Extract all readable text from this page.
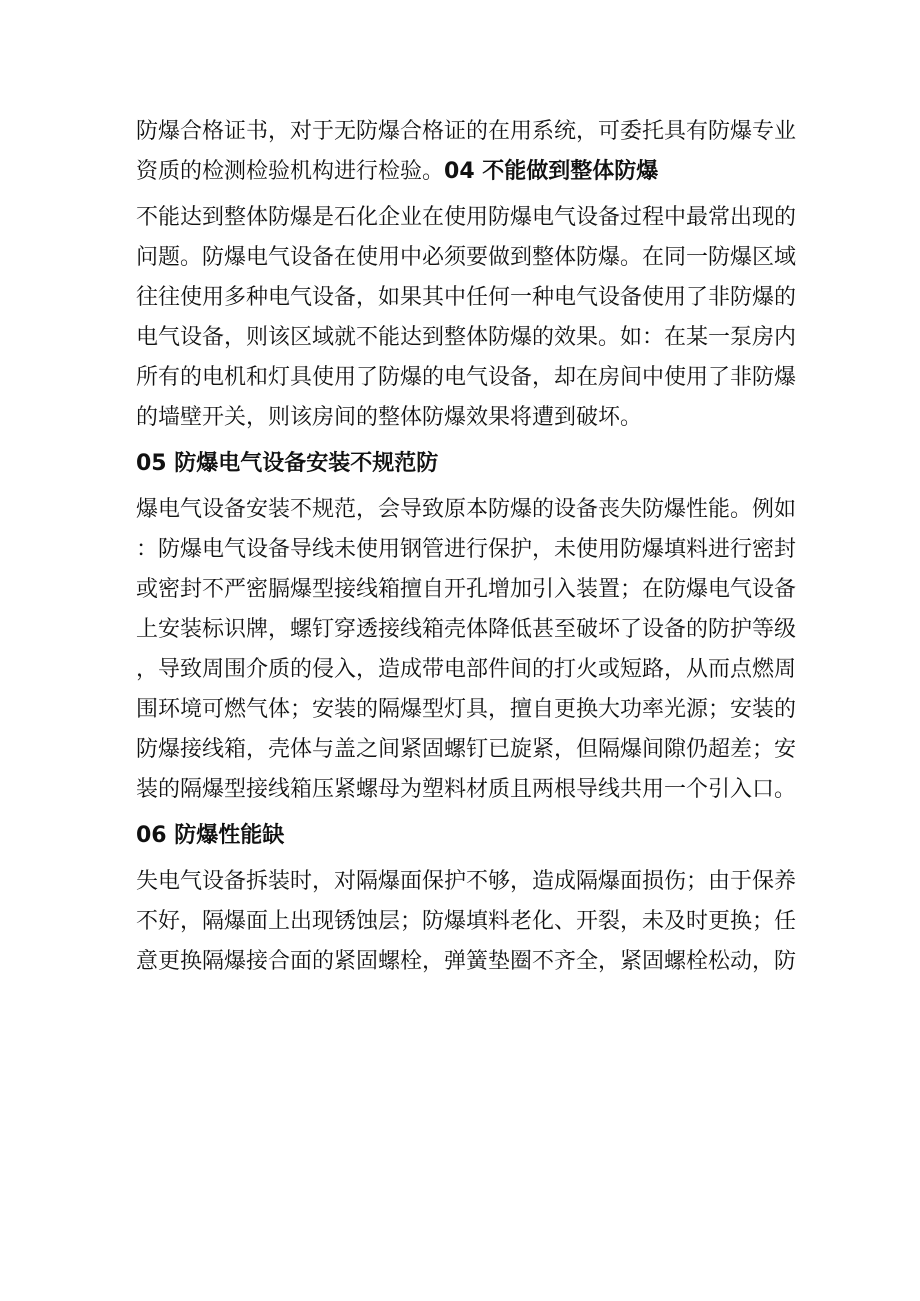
防爆合格证书，对于无防爆合格证的在用系统，可委托具有防爆专业资质的检测检验机构进行检验。04 不能做到整体防爆

不能达到整体防爆是石化企业在使用防爆电气设备过程中最常出现的问题。防爆电气设备在使用中必须要做到整体防爆。在同一防爆区域往往使用多种电气设备，如果其中任何一种电气设备使用了非防爆的电气设备，则该区域就不能达到整体防爆的效果。如：在某一泵房内所有的电机和灯具使用了防爆的电气设备，却在房间中使用了非防爆的墙壁开关，则该房间的整体防爆效果将遭到破坏。

05 防爆电气设备安装不规范防

爆电气设备安装不规范，会导致原本防爆的设备丧失防爆性能。例如：防爆电气设备导线未使用钢管进行保护，未使用防爆填料进行密封或密封不严密膈爆型接线箱擅自开孔增加引入装置；在防爆电气设备上安装标识牌，螺钉穿透接线箱壳体降低甚至破坏了设备的防护等级，导致周围介质的侵入，造成带电部件间的打火或短路，从而点燃周围环境可燃气体；安装的隔爆型灯具，擅自更换大功率光源；安装的防爆接线箱，壳体与盖之间紧固螺钉已旋紧，但隔爆间隙仍超差；安装的隔爆型接线箱压紧螺母为塑料材质且两根导线共用一个引入口。

06 防爆性能缺

失电气设备拆装时，对隔爆面保护不够，造成隔爆面损伤；由于保养不好，隔爆面上出现锈蚀层；防爆填料老化、开裂，未及时更换；任意更换隔爆接合面的紧固螺栓，弹簧垫圈不齐全，紧固螺栓松动，防
